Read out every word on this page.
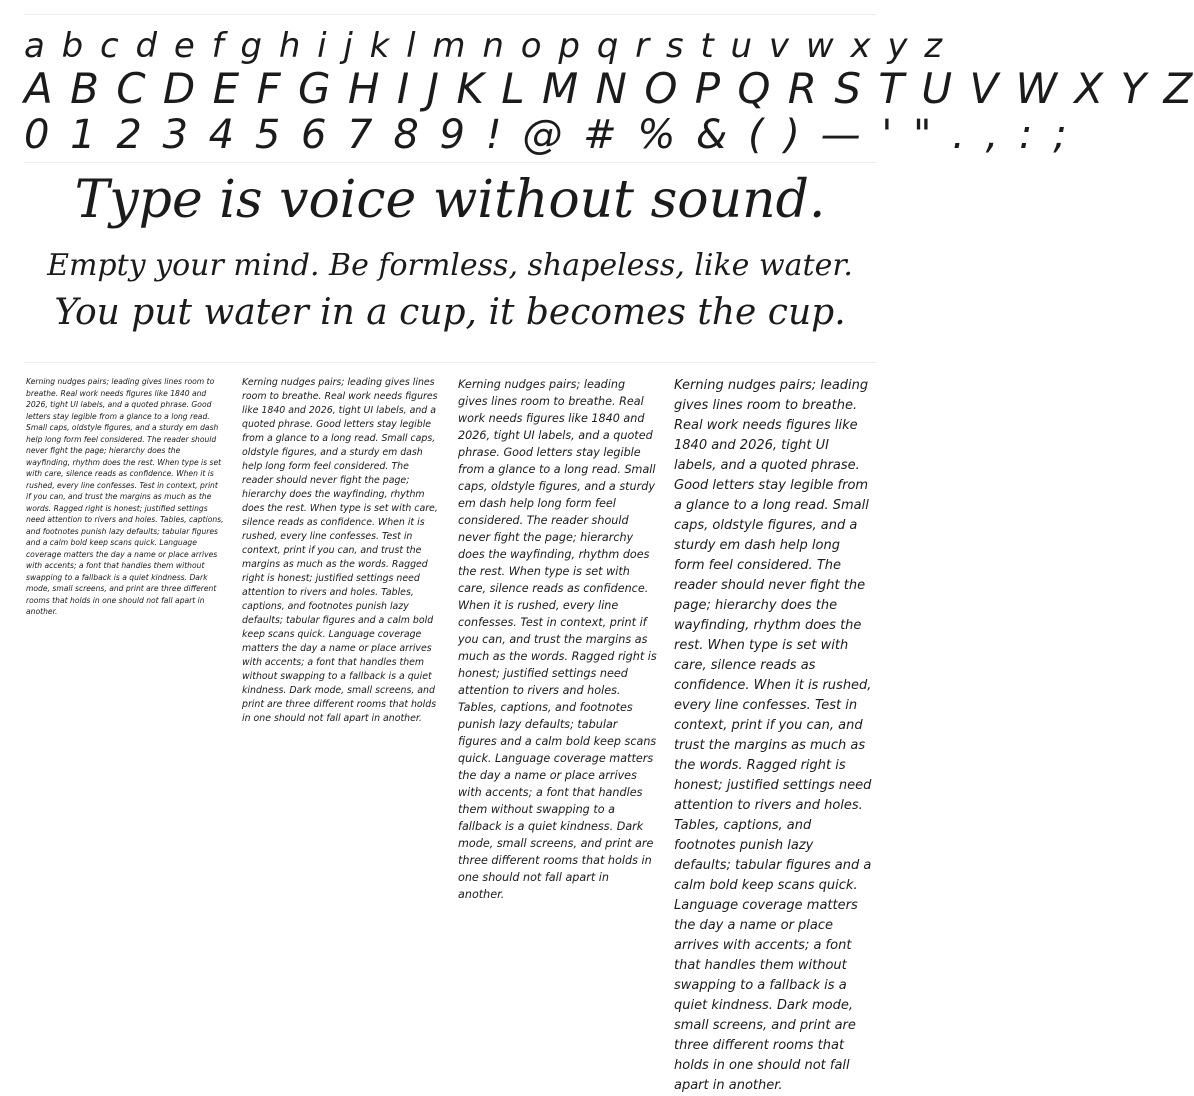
a b c d e f g h i j k l m n o p q r s t u v w x y z
A B C D E F G H I J K L M N O P Q R S T U V W X Y Z
0 1 2 3 4 5 6 7 8 9 ! @ # % & ( ) — ' " . , : ;
Type is voice without sound.
Empty your mind. Be formless, shapeless, like water.
You put water in a cup, it becomes the cup.
Kerning nudges pairs; leading gives lines room to breathe. Real work needs figures like 1840 and 2026, tight UI labels, and a quoted phrase. Good letters stay legible from a glance to a long read. Small caps, oldstyle figures, and a sturdy em dash help long form feel considered. The reader should never fight the page; hierarchy does the wayfinding, rhythm does the rest. When type is set with care, silence reads as confidence. When it is rushed, every line confesses. Test in context, print if you can, and trust the margins as much as the words. Ragged right is honest; justified settings need attention to rivers and holes. Tables, captions, and footnotes punish lazy defaults; tabular figures and a calm bold keep scans quick. Language coverage matters the day a name or place arrives with accents; a font that handles them without swapping to a fallback is a quiet kindness. Dark mode, small screens, and print are three different rooms that holds in one should not fall apart in another.
Kerning nudges pairs; leading gives lines room to breathe. Real work needs figures like 1840 and 2026, tight UI labels, and a quoted phrase. Good letters stay legible from a glance to a long read. Small caps, oldstyle figures, and a sturdy em dash help long form feel considered. The reader should never fight the page; hierarchy does the wayfinding, rhythm does the rest. When type is set with care, silence reads as confidence. When it is rushed, every line confesses. Test in context, print if you can, and trust the margins as much as the words. Ragged right is honest; justified settings need attention to rivers and holes. Tables, captions, and footnotes punish lazy defaults; tabular figures and a calm bold keep scans quick. Language coverage matters the day a name or place arrives with accents; a font that handles them without swapping to a fallback is a quiet kindness. Dark mode, small screens, and print are three different rooms that holds in one should not fall apart in another.
Kerning nudges pairs; leading gives lines room to breathe. Real work needs figures like 1840 and 2026, tight UI labels, and a quoted phrase. Good letters stay legible from a glance to a long read. Small caps, oldstyle figures, and a sturdy em dash help long form feel considered. The reader should never fight the page; hierarchy does the wayfinding, rhythm does the rest. When type is set with care, silence reads as confidence. When it is rushed, every line confesses. Test in context, print if you can, and trust the margins as much as the words. Ragged right is honest; justified settings need attention to rivers and holes. Tables, captions, and footnotes punish lazy defaults; tabular figures and a calm bold keep scans quick. Language coverage matters the day a name or place arrives with accents; a font that handles them without swapping to a fallback is a quiet kindness. Dark mode, small screens, and print are three different rooms that holds in one should not fall apart in another.
Kerning nudges pairs; leading gives lines room to breathe. Real work needs figures like 1840 and 2026, tight UI labels, and a quoted phrase. Good letters stay legible from a glance to a long read. Small caps, oldstyle figures, and a sturdy em dash help long form feel considered. The reader should never fight the page; hierarchy does the wayfinding, rhythm does the rest. When type is set with care, silence reads as confidence. When it is rushed, every line confesses. Test in context, print if you can, and trust the margins as much as the words. Ragged right is honest; justified settings need attention to rivers and holes. Tables, captions, and footnotes punish lazy defaults; tabular figures and a calm bold keep scans quick. Language coverage matters the day a name or place arrives with accents; a font that handles them without swapping to a fallback is a quiet kindness. Dark mode, small screens, and print are three different rooms that holds in one should not fall apart in another.
